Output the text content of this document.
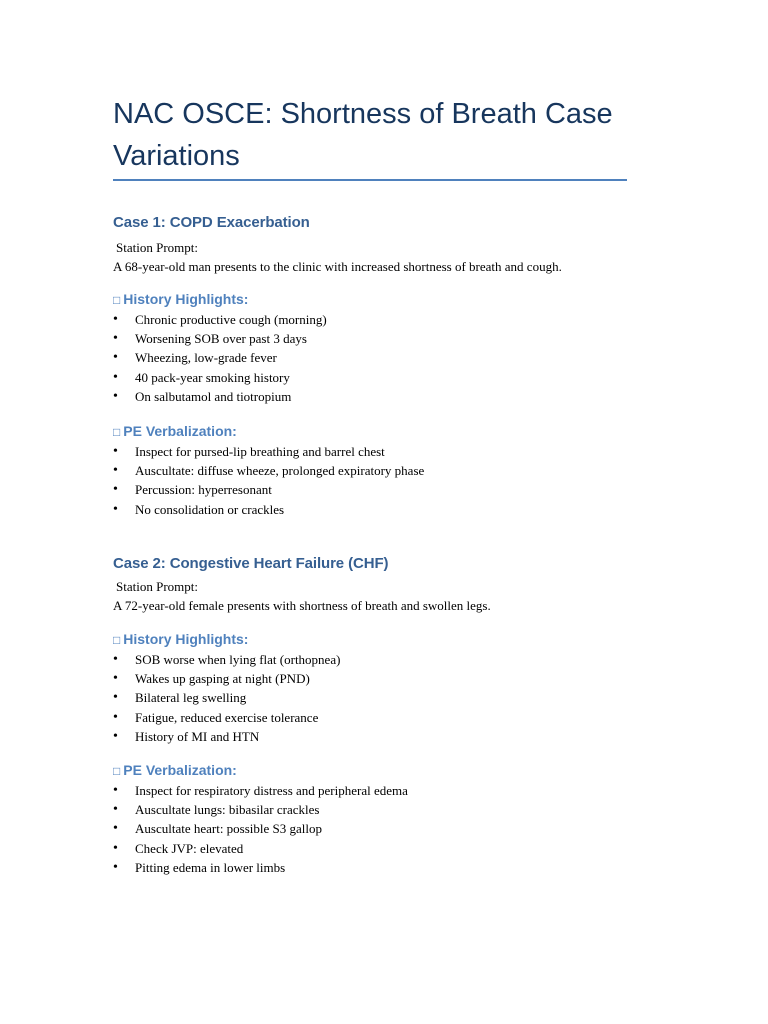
NAC OSCE: Shortness of Breath Case Variations
Case 1: COPD Exacerbation

Station Prompt:

A 68-year-old man presents to the clinic with increased shortness of breath and cough.

□ History Highlights:
• Chronic productive cough (morning)
• Worsening SOB over past 3 days
• Wheezing, low-grade fever
• 40 pack-year smoking history
• On salbutamol and tiotropium
□ PE Verbalization:
• Inspect for pursed-lip breathing and barrel chest
• Auscultate: diffuse wheeze, prolonged expiratory phase
• Percussion: hyperresonant
• No consolidation or crackles
Case 2: Congestive Heart Failure (CHF)

Station Prompt:

A 72-year-old female presents with shortness of breath and swollen legs.

□ History Highlights:
• SOB worse when lying flat (orthopnea)
• Wakes up gasping at night (PND)
• Bilateral leg swelling
• Fatigue, reduced exercise tolerance
• History of MI and HTN
□ PE Verbalization:
• Inspect for respiratory distress and peripheral edema
• Auscultate lungs: bibasilar crackles
• Auscultate heart: possible S3 gallop
• Check JVP: elevated
• Pitting edema in lower limbs
